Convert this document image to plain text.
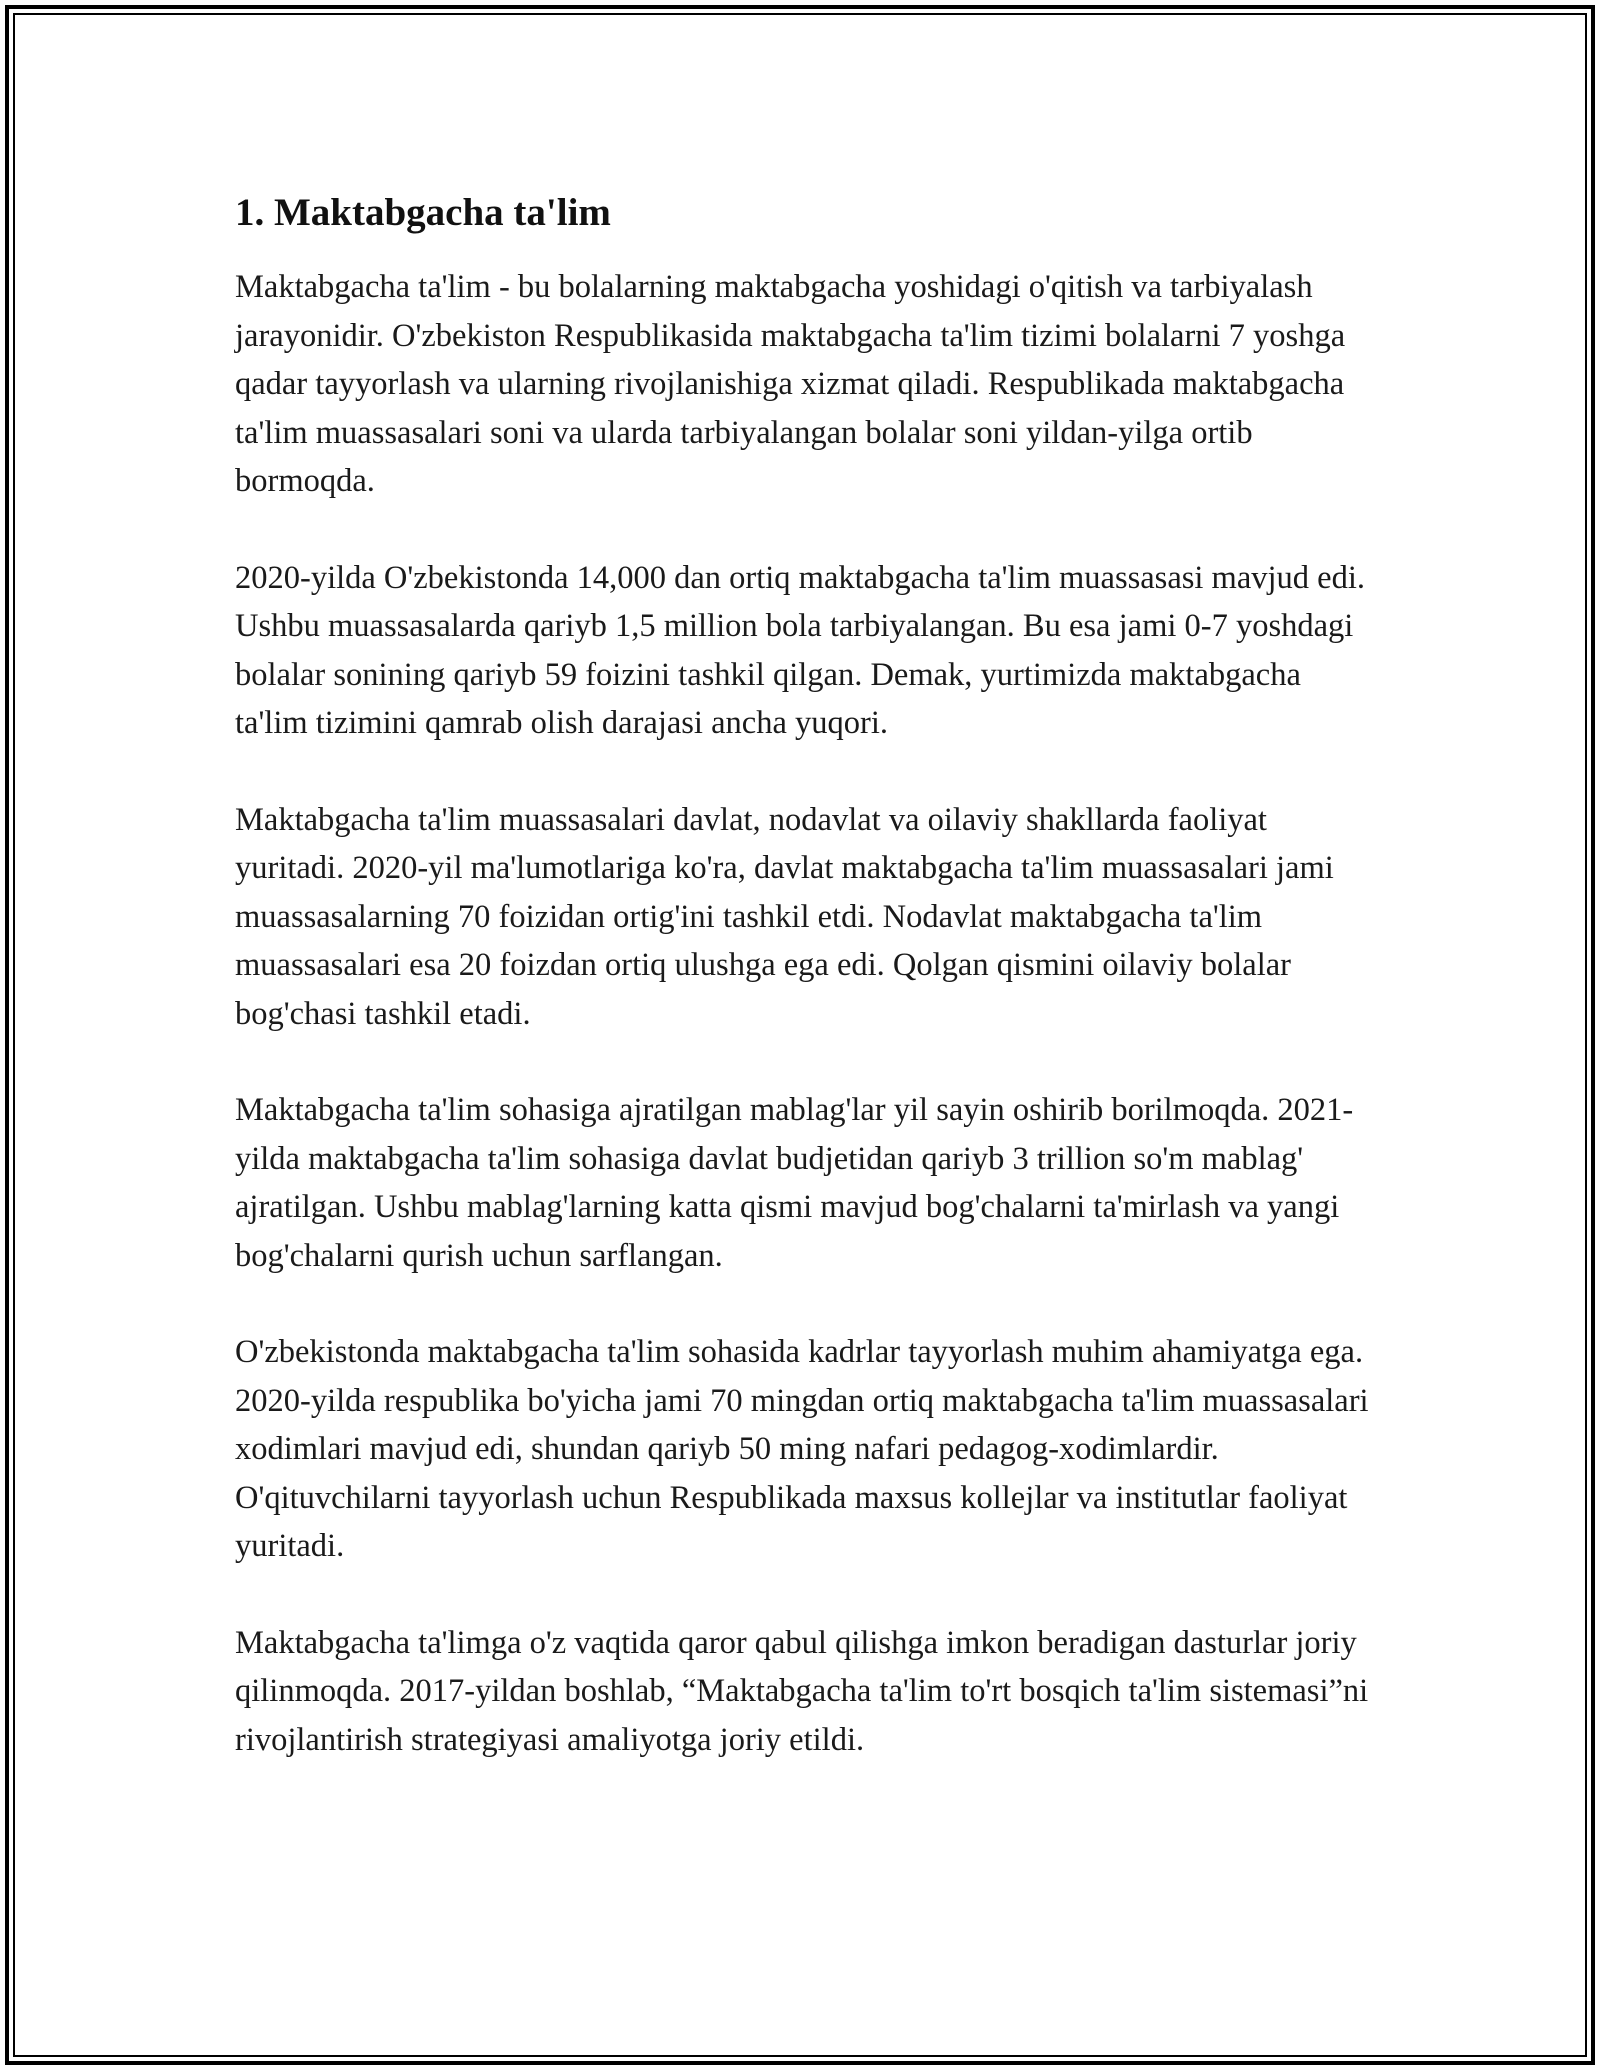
1. Maktabgacha ta'lim

Maktabgacha ta'lim - bu bolalarning maktabgacha yoshidagi o'qitish va tarbiyalash jarayonidir. O'zbekiston Respublikasida maktabgacha ta'lim tizimi bolalarni 7 yoshga qadar tayyorlash va ularning rivojlanishiga xizmat qiladi. Respublikada maktabgacha ta'lim muassasalari soni va ularda tarbiyalangan bolalar soni yildan-yilga ortib bormoqda.

2020-yilda O'zbekistonda 14,000 dan ortiq maktabgacha ta'lim muassasasi mavjud edi. Ushbu muassasalarda qariyb 1,5 million bola tarbiyalangan. Bu esa jami 0-7 yoshdagi bolalar sonining qariyb 59 foizini tashkil qilgan. Demak, yurtimizda maktabgacha ta'lim tizimini qamrab olish darajasi ancha yuqori.

Maktabgacha ta'lim muassasalari davlat, nodavlat va oilaviy shakllarda faoliyat yuritadi. 2020-yil ma'lumotlariga ko'ra, davlat maktabgacha ta'lim muassasalari jami muassasalarning 70 foizidan ortig'ini tashkil etdi. Nodavlat maktabgacha ta'lim muassasalari esa 20 foizdan ortiq ulushga ega edi. Qolgan qismini oilaviy bolalar bog'chasi tashkil etadi.

Maktabgacha ta'lim sohasiga ajratilgan mablag'lar yil sayin oshirib borilmoqda. 2021-yilda maktabgacha ta'lim sohasiga davlat budjetidan qariyb 3 trillion so'm mablag' ajratilgan. Ushbu mablag'larning katta qismi mavjud bog'chalarni ta'mirlash va yangi bog'chalarni qurish uchun sarflangan.

O'zbekistonda maktabgacha ta'lim sohasida kadrlar tayyorlash muhim ahamiyatga ega. 2020-yilda respublika bo'yicha jami 70 mingdan ortiq maktabgacha ta'lim muassasalari xodimlari mavjud edi, shundan qariyb 50 ming nafari pedagog-xodimlardir. O'qituvchilarni tayyorlash uchun Respublikada maxsus kollejlar va institutlar faoliyat yuritadi.

Maktabgacha ta'limga o'z vaqtida qaror qabul qilishga imkon beradigan dasturlar joriy qilinmoqda. 2017-yildan boshlab, “Maktabgacha ta'lim to'rt bosqich ta'lim sistemasi”ni rivojlantirish strategiyasi amaliyotga joriy etildi.
